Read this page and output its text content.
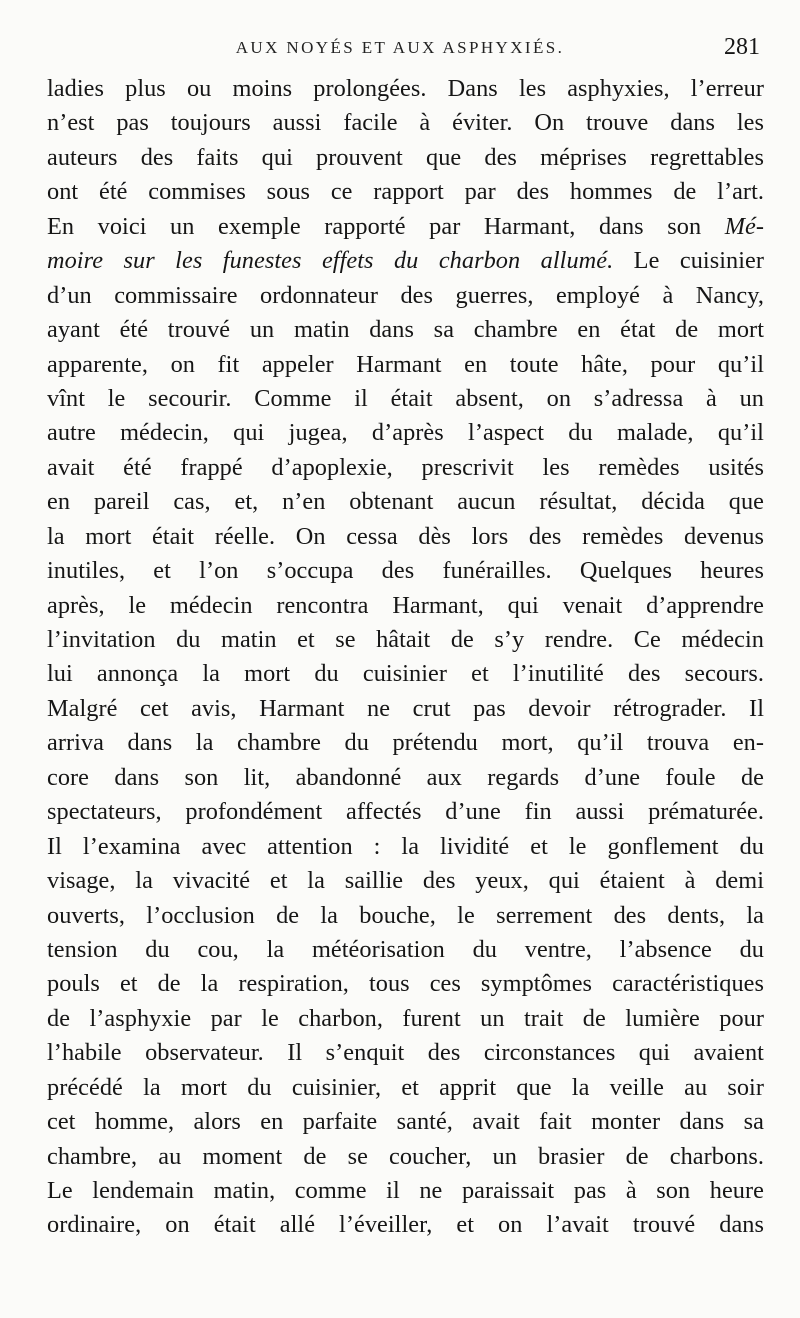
AUX NOYÉS ET AUX ASPHYXIÉS.	281
ladies plus ou moins prolongées. Dans les asphyxies, l’erreur
n’est pas toujours aussi facile à éviter. On trouve dans les
auteurs des faits qui prouvent que des méprises regrettables
ont été commises sous ce rapport par des hommes de l’art.
En voici un exemple rapporté par Harmant, dans son Mé-
moire sur les funestes effets du charbon allumé. Le cuisinier
d’un commissaire ordonnateur des guerres, employé à Nancy,
ayant été trouvé un matin dans sa chambre en état de mort
apparente, on fit appeler Harmant en toute hâte, pour qu’il
vînt le secourir. Comme il était absent, on s’adressa à un
autre médecin, qui jugea, d’après l’aspect du malade, qu’il
avait été frappé d’apoplexie, prescrivit les remèdes usités
en pareil cas, et, n’en obtenant aucun résultat, décida que
la mort était réelle. On cessa dès lors des remèdes devenus
inutiles, et l’on s’occupa des funérailles. Quelques heures
après, le médecin rencontra Harmant, qui venait d’apprendre
l’invitation du matin et se hâtait de s’y rendre. Ce médecin
lui annonça la mort du cuisinier et l’inutilité des secours.
Malgré cet avis, Harmant ne crut pas devoir rétrograder. Il
arriva dans la chambre du prétendu mort, qu’il trouva en-
core dans son lit, abandonné aux regards d’une foule de
spectateurs, profondément affectés d’une fin aussi prématurée.
Il l’examina avec attention : la lividité et le gonflement du
visage, la vivacité et la saillie des yeux, qui étaient à demi
ouverts, l’occlusion de la bouche, le serrement des dents, la
tension du cou, la météorisation du ventre, l’absence du
pouls et de la respiration, tous ces symptômes caractéristiques
de l’asphyxie par le charbon, furent un trait de lumière pour
l’habile observateur. Il s’enquit des circonstances qui avaient
précédé la mort du cuisinier, et apprit que la veille au soir
cet homme, alors en parfaite santé, avait fait monter dans sa
chambre, au moment de se coucher, un brasier de charbons.
Le lendemain matin, comme il ne paraissait pas à son heure
ordinaire, on était allé l’éveiller, et on l’avait trouvé dans
